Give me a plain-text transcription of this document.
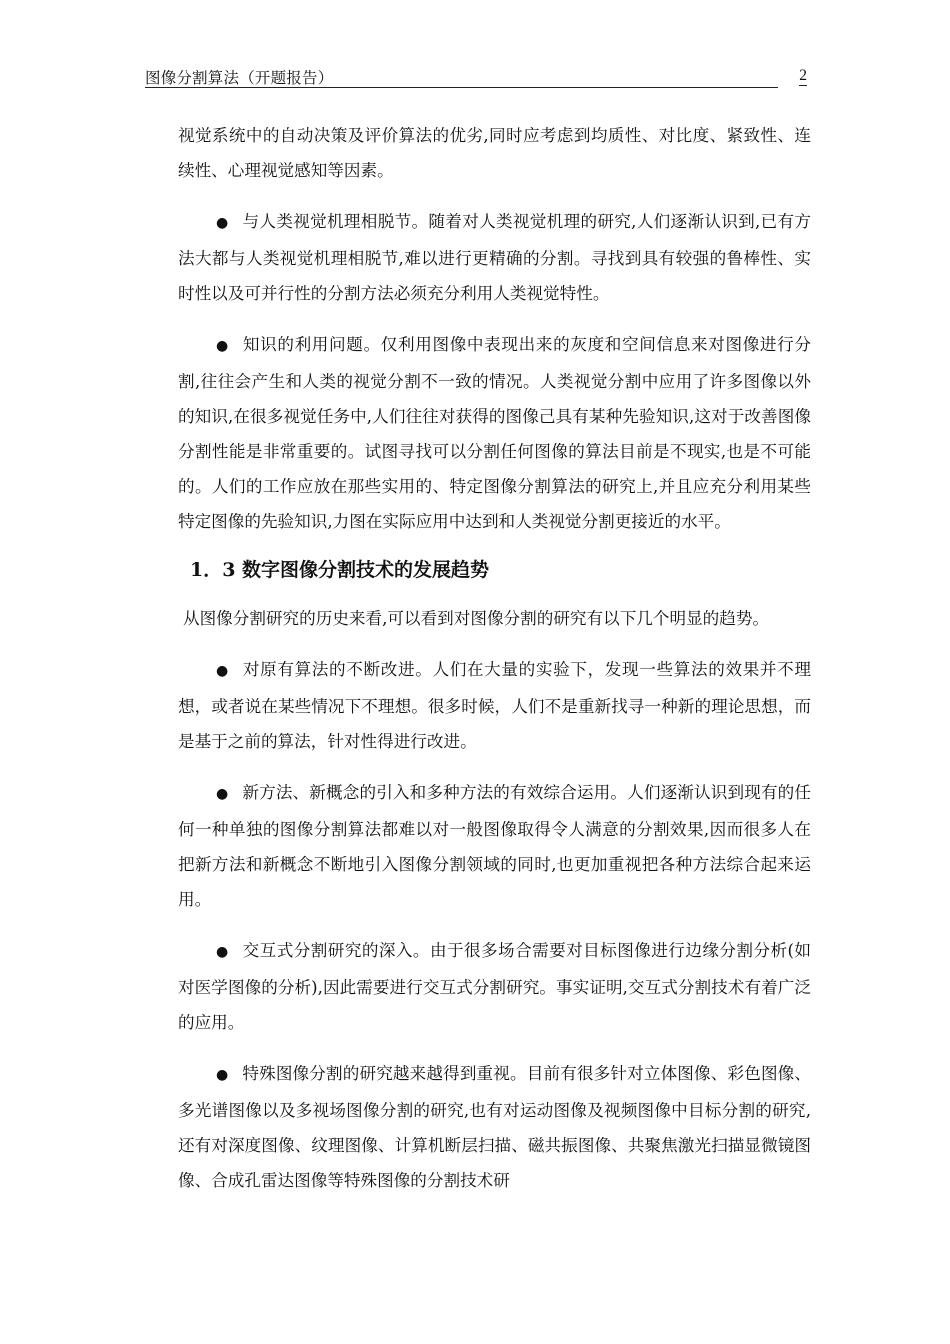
图像分割算法（开题报告）	2

视觉系统中的自动决策及评价算法的优劣,同时应考虑到均质性、对比度、紧致性、连续性、心理视觉感知等因素。

● 与人类视觉机理相脱节。随着对人类视觉机理的研究,人们逐渐认识到,已有方法大都与人类视觉机理相脱节,难以进行更精确的分割。寻找到具有较强的鲁棒性、实时性以及可并行性的分割方法必须充分利用人类视觉特性。

● 知识的利用问题。仅利用图像中表现出来的灰度和空间信息来对图像进行分割,往往会产生和人类的视觉分割不一致的情况。人类视觉分割中应用了许多图像以外的知识,在很多视觉任务中,人们往往对获得的图像己具有某种先验知识,这对于改善图像分割性能是非常重要的。试图寻找可以分割任何图像的算法目前是不现实,也是不可能的。人们的工作应放在那些实用的、特定图像分割算法的研究上,并且应充分利用某些特定图像的先验知识,力图在实际应用中达到和人类视觉分割更接近的水平。

1．3 数字图像分割技术的发展趋势

从图像分割研究的历史来看,可以看到对图像分割的研究有以下几个明显的趋势。

● 对原有算法的不断改进。人们在大量的实验下，发现一些算法的效果并不理想，或者说在某些情况下不理想。很多时候，人们不是重新找寻一种新的理论思想，而是基于之前的算法，针对性得进行改进。

● 新方法、新概念的引入和多种方法的有效综合运用。人们逐渐认识到现有的任何一种单独的图像分割算法都难以对一般图像取得令人满意的分割效果,因而很多人在把新方法和新概念不断地引入图像分割领域的同时,也更加重视把各种方法综合起来运用。

● 交互式分割研究的深入。由于很多场合需要对目标图像进行边缘分割分析(如对医学图像的分析),因此需要进行交互式分割研究。事实证明,交互式分割技术有着广泛的应用。

● 特殊图像分割的研究越来越得到重视。目前有很多针对立体图像、彩色图像、多光谱图像以及多视场图像分割的研究,也有对运动图像及视频图像中目标分割的研究,还有对深度图像、纹理图像、计算机断层扫描、磁共振图像、共聚焦激光扫描显微镜图像、合成孔雷达图像等特殊图像的分割技术研
